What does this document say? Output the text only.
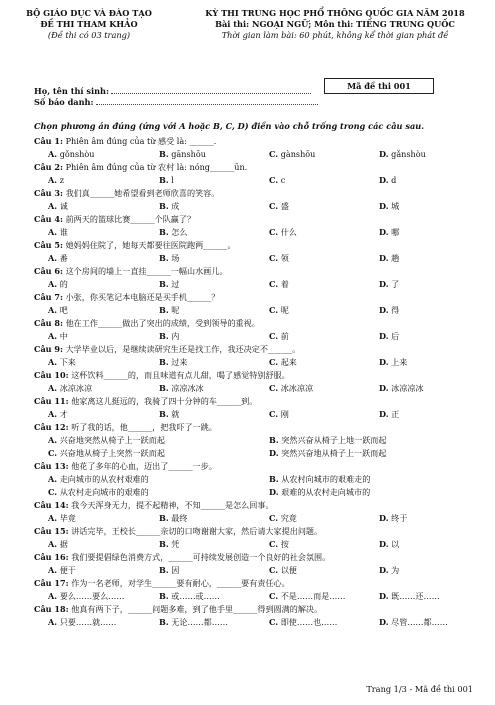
BỘ GIÁO DỤC VÀ ĐÀO TẠO
ĐỀ THI THAM KHẢO
(Đề thi có 03 trang)
KỲ THI TRUNG HỌC PHỔ THÔNG QUỐC GIA NĂM 2018
Bài thi: NGOẠI NGỮ; Môn thi: TIẾNG TRUNG QUỐC
Thời gian làm bài: 60 phút, không kể thời gian phát đề
Họ, tên thí sinh:
Số báo danh:
Mã đề thi 001
Chọn phương án đúng (ứng với A hoặc B, C, D) điền vào chỗ trống trong các câu sau.
Câu 1: Phiên âm đúng của từ 感受 là: ______.
A. gǒnshòu	B. gānshōu	C. gànshōu	D. gǎnshòu
Câu 2: Phiên âm đúng của từ 农村 là: nóng______ūn.
A. z	B. l	C. c	D. d
Câu 3: 我们真______她希望看到老师欣喜的笑容。
A. 诚	B. 成	C. 盛	D. 城
Câu 4: 前两天的篮球比赛______个队赢了？
A. 谁	B. 怎么	C. 什么	D. 哪
Câu 5: 她妈妈住院了，她每天都要往医院跑两______。
A. 番	B. 场	C. 领	D. 趟
Câu 6: 这个房间的墙上一直挂______一幅山水画儿。
A. 的	B. 过	C. 着	D. 了
Câu 7: 小张，你买笔记本电脑还是买手机______？
A. 吧	B. 呢	C. 呢	D. 得
Câu 8: 他在工作______做出了突出的成绩，受到领导的重视。
A. 中	B. 内	C. 前	D. 后
Câu 9: 大学毕业以后，是继续读研究生还是找工作，我还决定不______。
A. 下来	B. 过来	C. 起来	D. 上来
Câu 10: 这杯饮料______的，而且味道有点儿甜，喝了感觉特别舒服。
A. 冰凉冰凉	B. 凉凉冰冰	C. 冰冰凉凉	D. 冰凉凉冰
Câu 11: 他家离这儿挺远的，我骑了四十分钟的车______到。
A. 才	B. 就	C. 刚	D. 正
Câu 12: 听了我的话，他______，把我吓了一跳。
A. 兴奋地突然从椅子上一跃而起	B. 突然兴奋从椅子上地一跃而起
C. 兴奋地从椅子上突然一跃而起	D. 突然兴奋地从椅子上一跃而起
Câu 13: 他花了多年的心血，迈出了______一步。
A. 走向城市的从农村艰难的	B. 从农村向城市的艰难走的
C. 从农村走向城市的艰难的	D. 艰难的从农村走向城市的
Câu 14: 我今天浑身无力，提不起精神，不知______是怎么回事。
A. 毕竟	B. 最终	C. 究竟	D. 终于
Câu 15: 讲话完毕，王校长______亲切的口吻谢谢大家，然后请大家提出问题。
A. 据	B. 凭	C. 按	D. 以
Câu 16: 我们要提倡绿色消费方式，______可持续发展创造一个良好的社会氛围。
A. 便于	B. 因	C. 以便	D. 为
Câu 17: 作为一名老师，对学生______要有耐心，______要有责任心。
A. 要么……要么……	B. 或……或……	C. 不是……而是……	D. 既……还……
Câu 18: 他真有两下子，______问题多难，到了他手里______得到圆满的解决。
A. 只要……就……	B. 无论……都……	C. 即使……也……	D. 尽管……都……
Trang 1/3 - Mã đề thi 001
